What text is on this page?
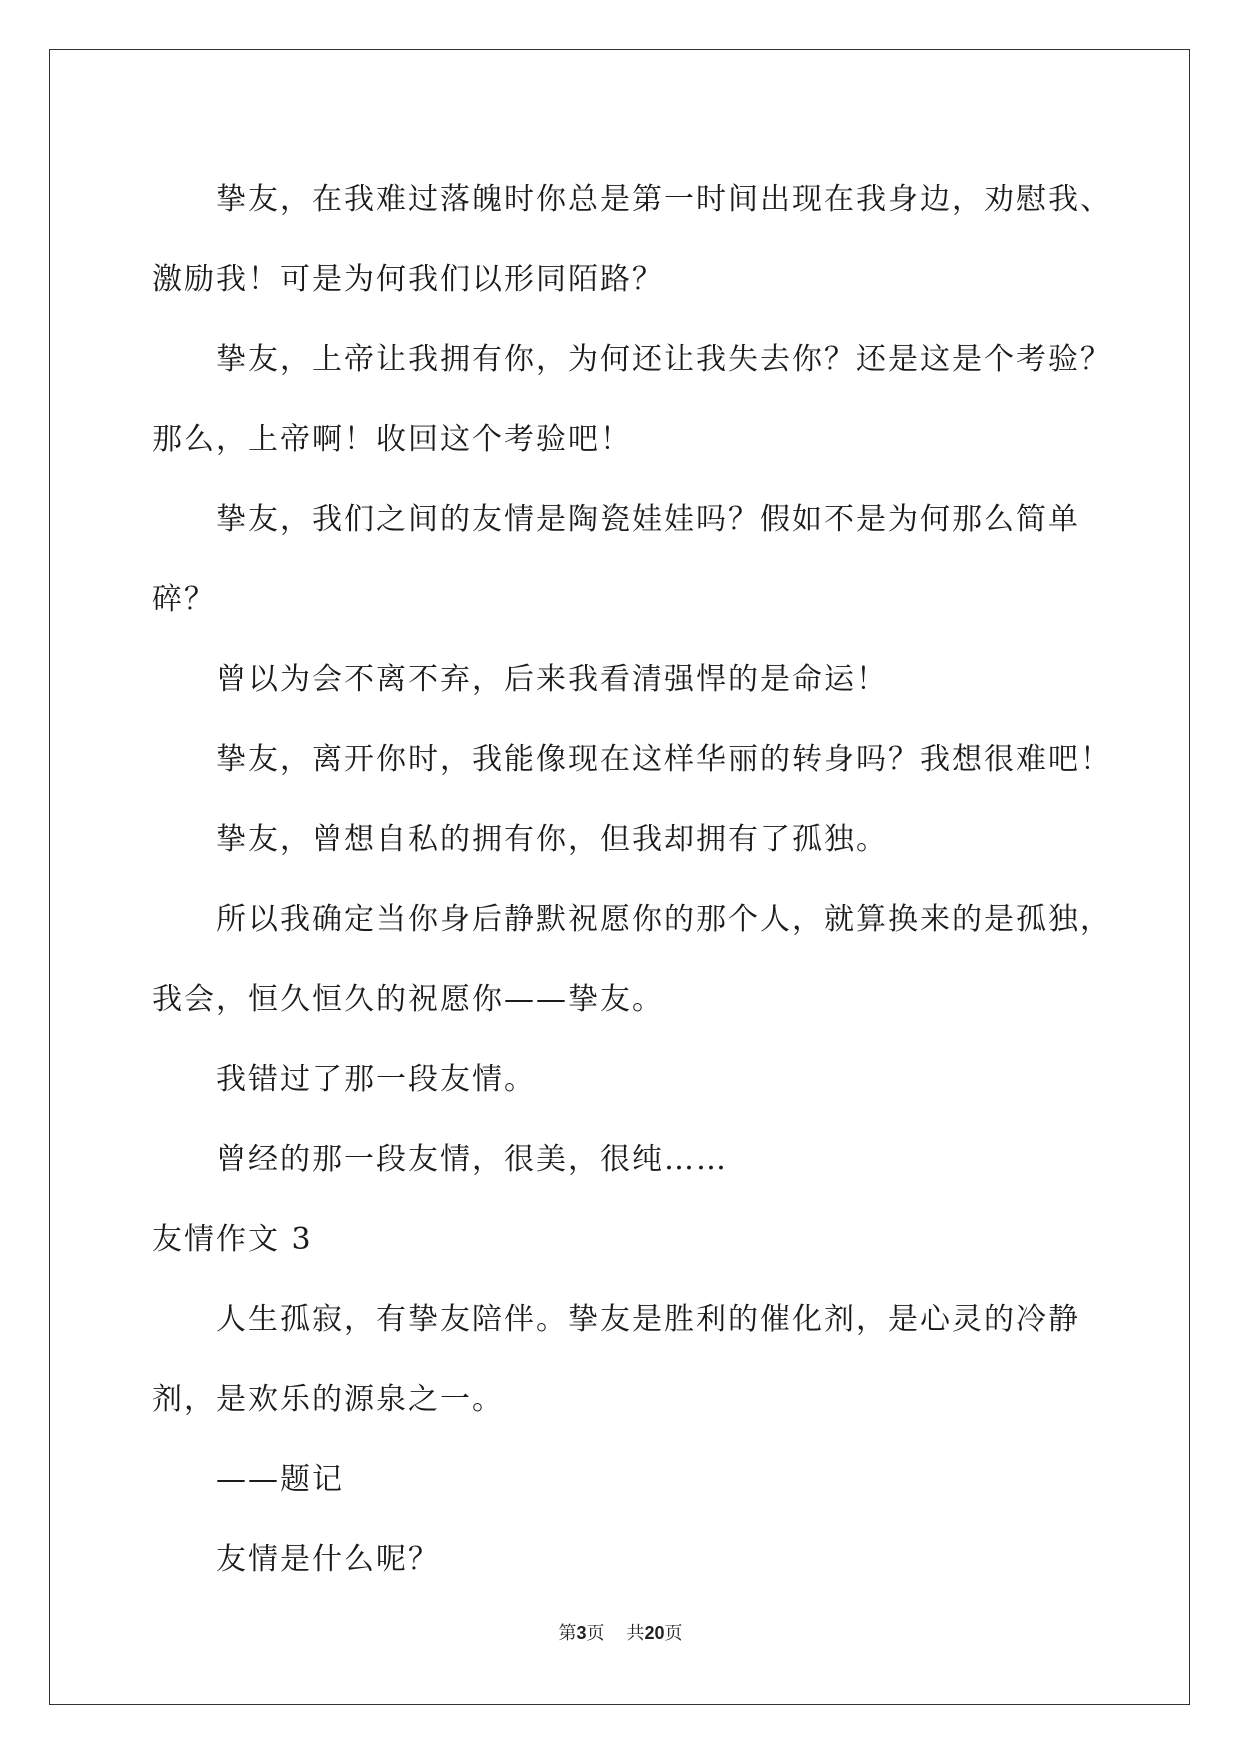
挚友，在我难过落魄时你总是第一时间出现在我身边，劝慰我、激励我！可是为何我们以形同陌路？

挚友，上帝让我拥有你，为何还让我失去你？还是这是个考验？那么，上帝啊！收回这个考验吧！

挚友，我们之间的友情是陶瓷娃娃吗？假如不是为何那么简单碎？

曾以为会不离不弃，后来我看清强悍的是命运！

挚友，离开你时，我能像现在这样华丽的转身吗？我想很难吧！

挚友，曾想自私的拥有你，但我却拥有了孤独。

所以我确定当你身后静默祝愿你的那个人，就算换来的是孤独，我会，恒久恒久的祝愿你——挚友。

我错过了那一段友情。

曾经的那一段友情，很美，很纯……

友情作文 3

人生孤寂，有挚友陪伴。挚友是胜利的催化剂，是心灵的冷静剂，是欢乐的源泉之一。

——题记

友情是什么呢？

第3页 共20页
